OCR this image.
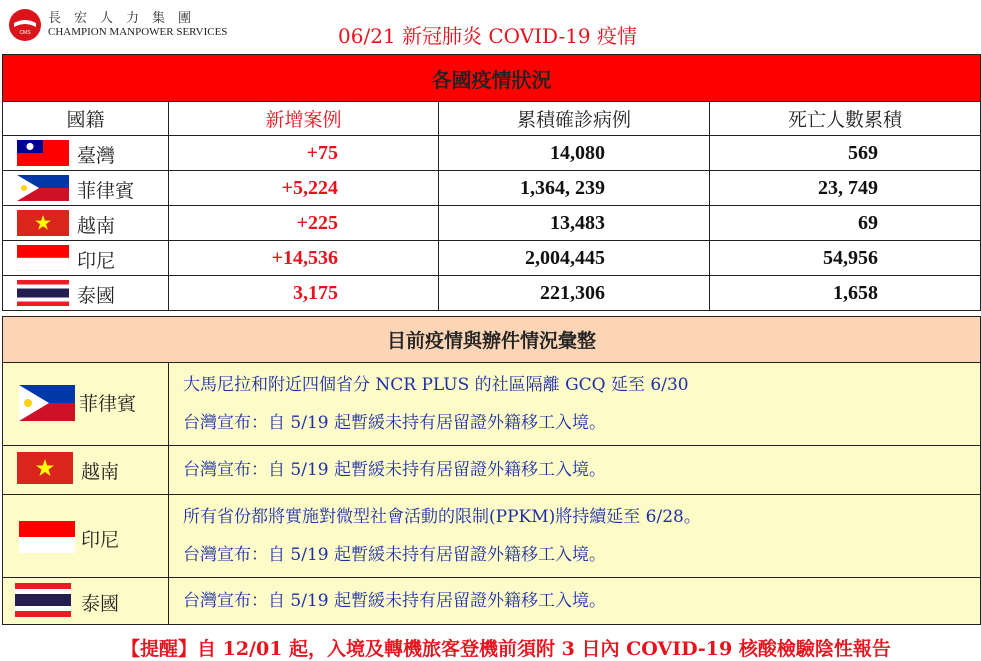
CMS
長宏人力集團
CHAMPION MANPOWER SERVICES	06/21 新冠肺炎 COVID-19 疫情
各國疫情狀況			
國籍	新增案例	累積確診病例	死亡人數累積

臺灣	+75	14,080	569

菲律賓	+5,224	1,364, 239	23, 749

越南	+225	13,483	69

印尼	+14,536	2,004,445	54,956

泰國	3,175	221,306	1,658
目前疫情與辦件情況彙整	

菲律賓	大馬尼拉和附近四個省分 NCR PLUS 的社區隔離 GCQ 延至 6/30
台灣宣布：自 5/19 起暫緩未持有居留證外籍移工入境。

越南	台灣宣布：自 5/19 起暫緩未持有居留證外籍移工入境。

印尼	所有省份都將實施對微型社會活動的限制(PPKM)將持續延至 6/28。
台灣宣布：自 5/19 起暫緩未持有居留證外籍移工入境。

泰國	台灣宣布：自 5/19 起暫緩未持有居留證外籍移工入境。
【提醒】自 12/01 起，入境及轉機旅客登機前須附 3 日內 COVID-19 核酸檢驗陰性報告
